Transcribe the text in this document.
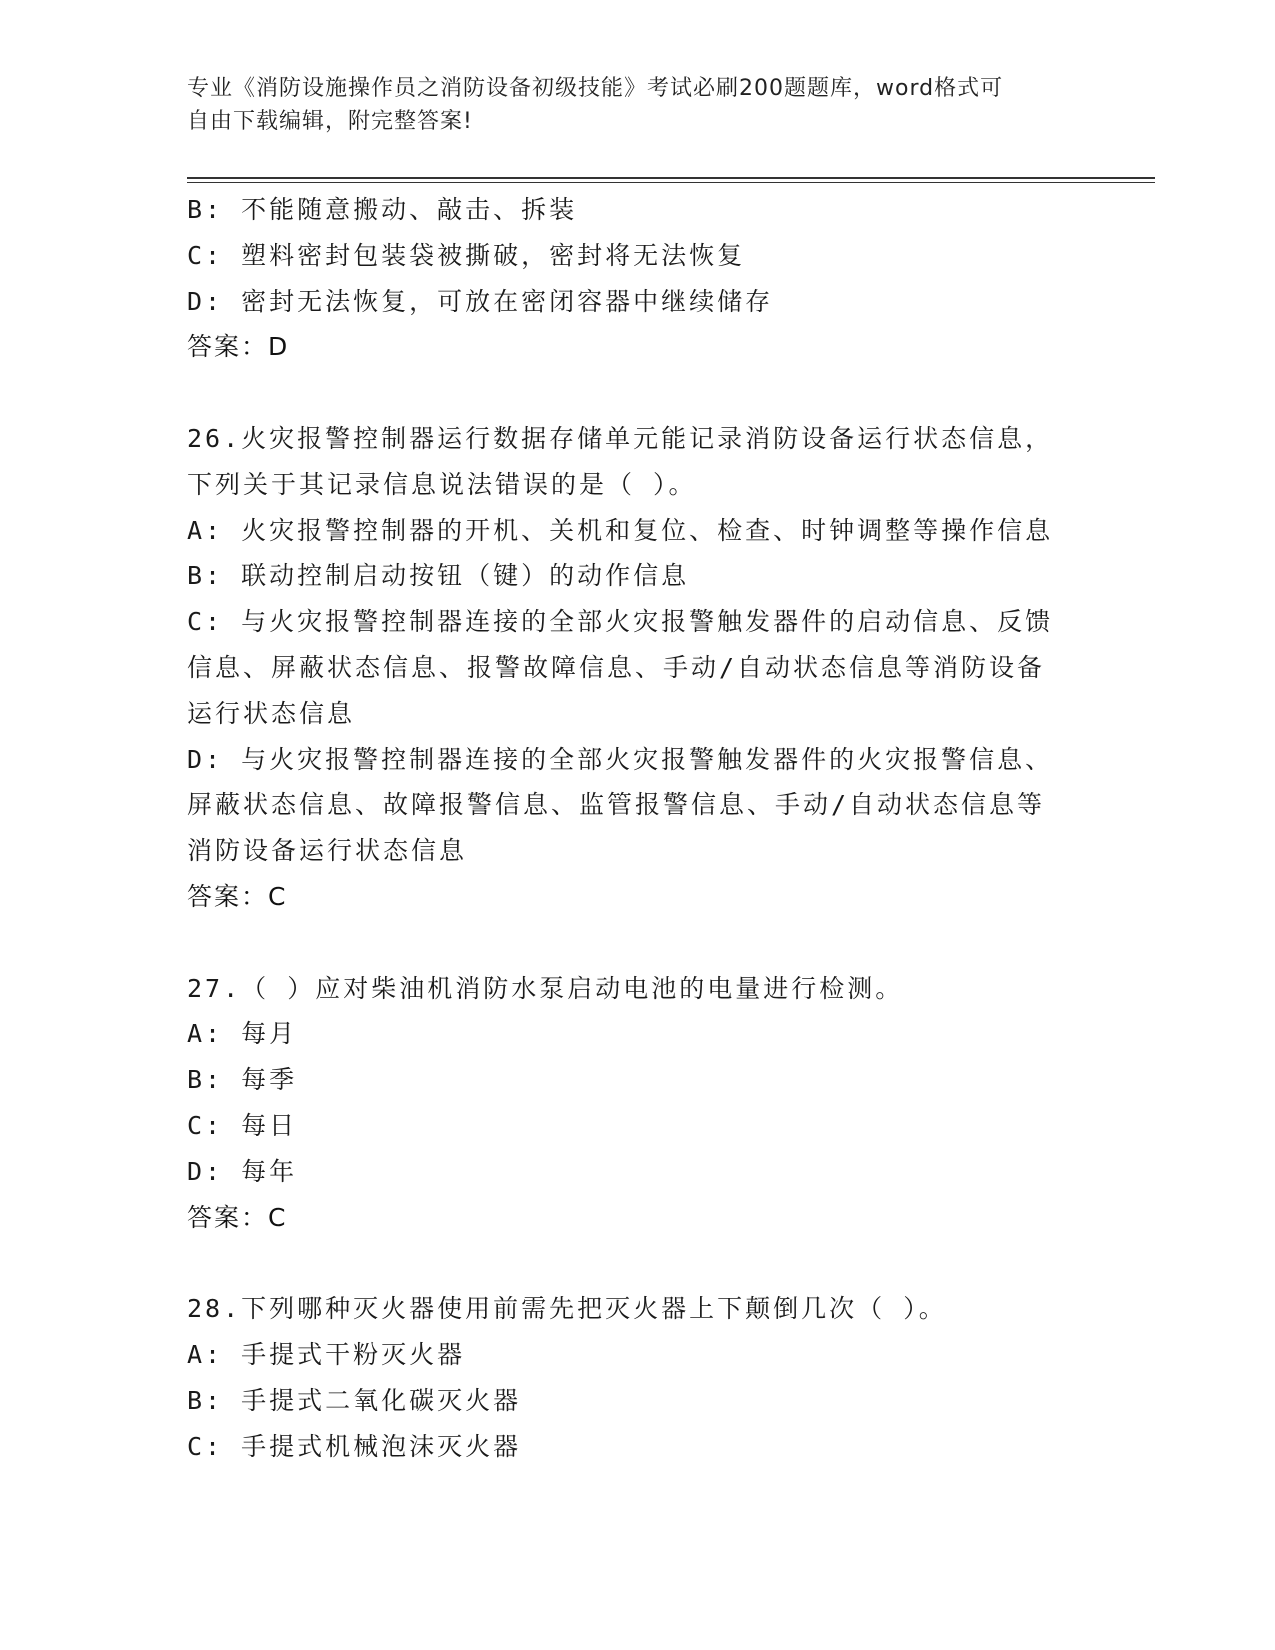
专业《消防设施操作员之消防设备初级技能》考试必刷200题题库，word格式可
自由下载编辑，附完整答案!
B: 不能随意搬动、敲击、拆装
C: 塑料密封包装袋被撕破，密封将无法恢复
D: 密封无法恢复，可放在密闭容器中继续储存
答案：D
26.火灾报警控制器运行数据存储单元能记录消防设备运行状态信息，
下列关于其记录信息说法错误的是（ ）。
A: 火灾报警控制器的开机、关机和复位、检查、时钟调整等操作信息
B: 联动控制启动按钮（键）的动作信息
C: 与火灾报警控制器连接的全部火灾报警触发器件的启动信息、反馈
信息、屏蔽状态信息、报警故障信息、手动/自动状态信息等消防设备
运行状态信息
D: 与火灾报警控制器连接的全部火灾报警触发器件的火灾报警信息、
屏蔽状态信息、故障报警信息、监管报警信息、手动/自动状态信息等
消防设备运行状态信息
答案：C
27.（ ）应对柴油机消防水泵启动电池的电量进行检测。
A: 每月
B: 每季
C: 每日
D: 每年
答案：C
28.下列哪种灭火器使用前需先把灭火器上下颠倒几次（ ）。
A: 手提式干粉灭火器
B: 手提式二氧化碳灭火器
C: 手提式机械泡沫灭火器
